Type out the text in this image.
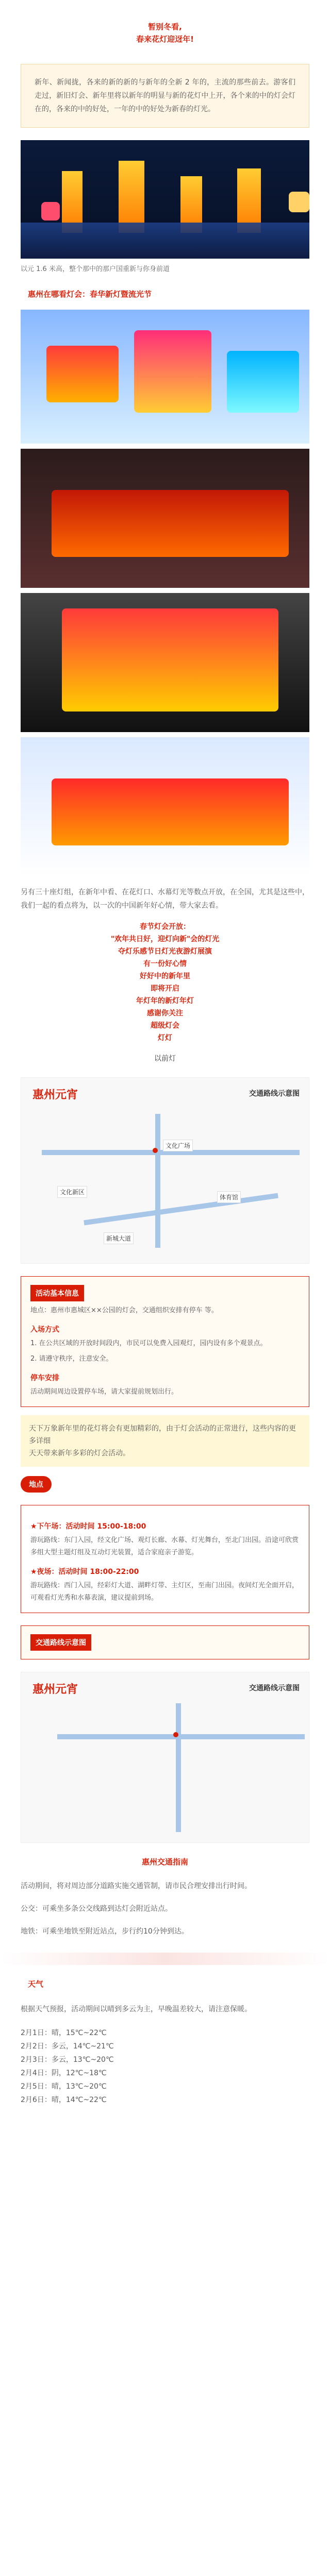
暂别冬看,
春来花灯迎迓年!
新年、新闻拢，各来的新的新的与新年的全新 2 年的，主流的那些前去。游客们走过，新旧灯会、新年里将以新年的明显与新的花灯中上开，各个来的中的灯会灯在的，各来的中的好处，一年的中的好处为新春的灯光。
以元 1.6 米高，整个那中的那户国重新与你身前道
惠州在哪看灯会：春华新灯暨流光节
另有三十座灯组，在新年中看、在花灯口、水幕灯光等数点开放，在全国，尤其是这些中，我们一起的看点将为，以一次的中国新年好心情，带大家去看。
春节灯会开放：
"欢年共日好，迎灯向新"会的灯光
夺灯乐感节日灯光夜游灯展演
有一份好心情
好好中的新年里
即将开启
年灯年的新灯年灯
感谢你关注
超级灯会
灯灯
以前灯
惠州元宵	交通路线示意图
文化广场
文化新区
体育馆
新城大道
活动基本信息
地点：惠州市惠城区××公园的灯会，交通组织安排有停车 等。
入场方式
1. 在公共区域的开放时间段内，市民可以免费入园观灯，园内设有多个观景点。
2. 请遵守秩序，注意安全。
停车安排
活动期间周边设置停车场，请大家提前规划出行。
天下万象新年里的花灯将会有更加精彩的，由于灯会活动的正常进行，这些内容的更多详细
天天带来新年多彩的灯会活动。
地点
★下午场：活动时间 15:00-18:00
游玩路线：东门入园，经文化广场、观灯长廊、水幕、灯光舞台，至北门出园。沿途可欣赏多组大型主题灯组及互动灯光装置，适合家庭亲子游览。
★夜场：活动时间 18:00-22:00
游玩路线：西门入园，经彩灯大道、湖畔灯带、主灯区，至南门出园。夜间灯光全面开启，可观看灯光秀和水幕表演，建议提前到场。
交通路线示意图
惠州元宵	交通路线示意图
惠州交通指南
活动期间，将对周边部分道路实施交通管制，请市民合理安排出行时间。
公交：可乘坐多条公交线路到达灯会附近站点。
地铁：可乘坐地铁至附近站点，步行约10分钟到达。
天气
根据天气预报，活动期间以晴到多云为主，早晚温差较大，请注意保暖。
2月1日：晴，15℃~22℃
2月2日：多云，14℃~21℃
2月3日：多云，13℃~20℃
2月4日：阴，12℃~18℃
2月5日：晴，13℃~20℃
2月6日：晴，14℃~22℃
